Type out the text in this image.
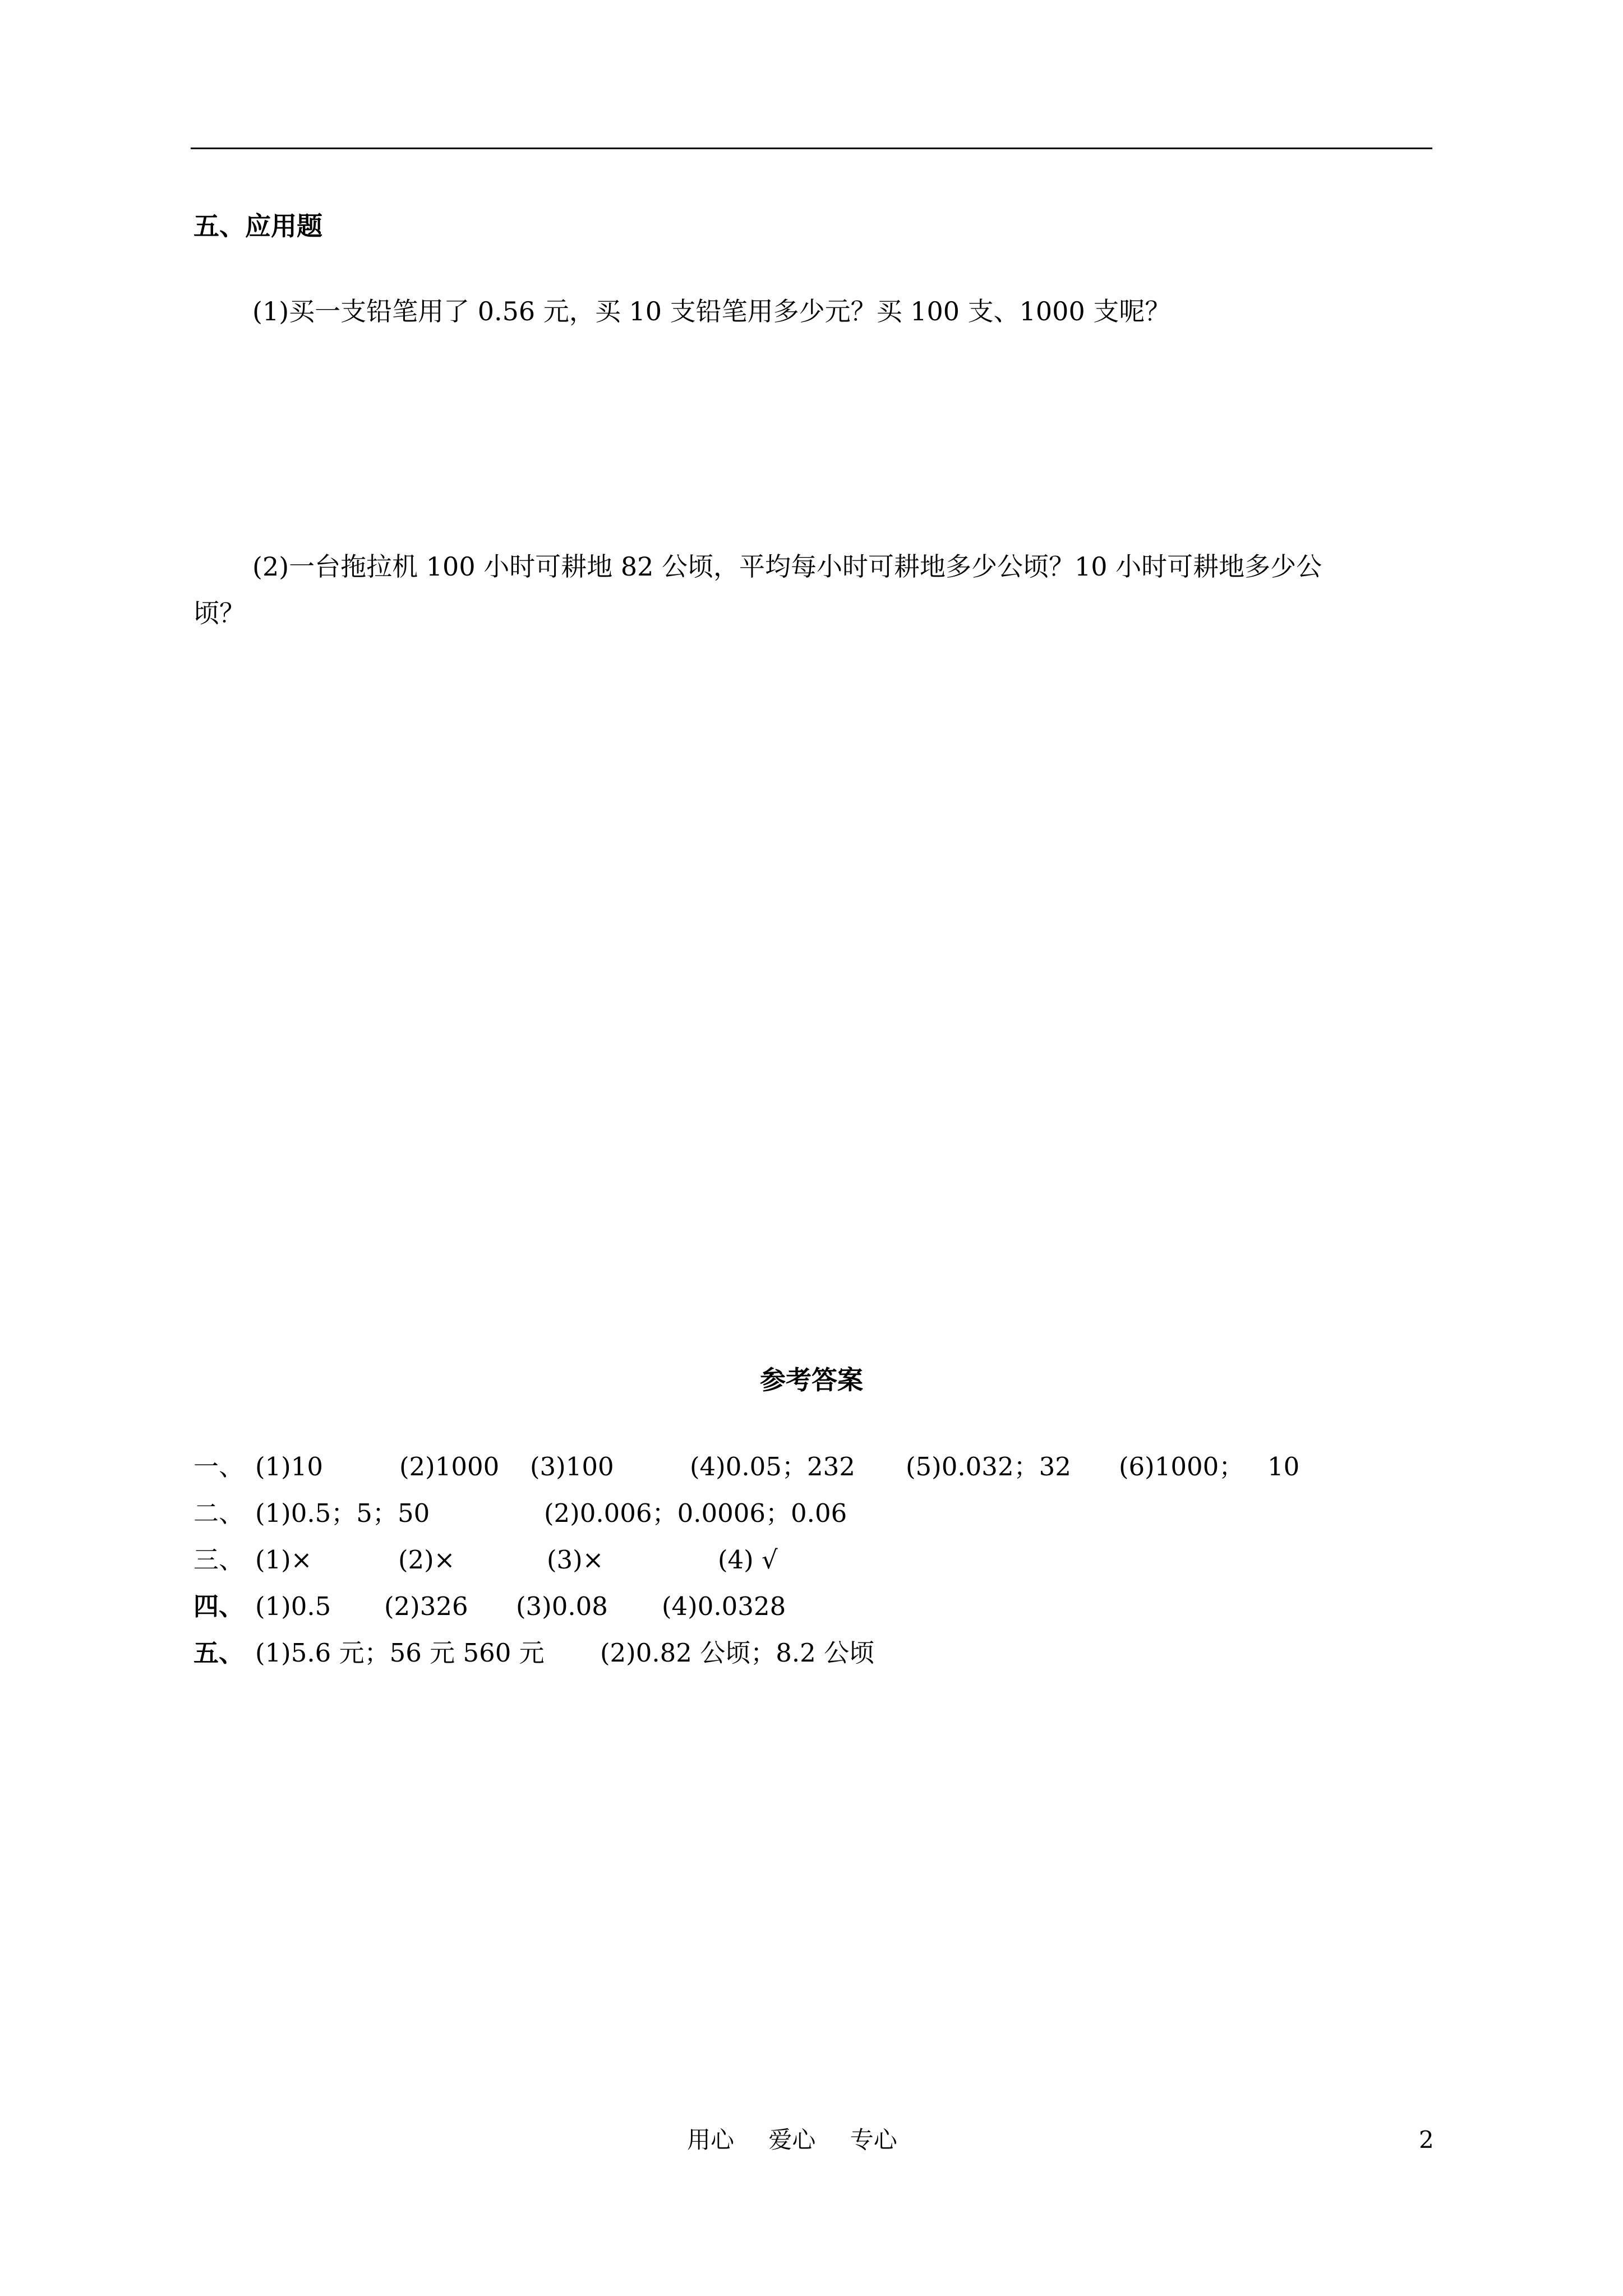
五、应用题
(1)买一支铅笔用了 0.56 元，买 10 支铅笔用多少元？买 100 支、1000 支呢？
(2)一台拖拉机 100 小时可耕地 82 公顷，平均每小时可耕地多少公顷？10 小时可耕地多少公
顷？
参考答案
一、 (1)10	(2)1000 (3)100	(4)0.05；232 (5)0.032；32 (6)1000； 10
二、 (1)0.5；5；50	(2)0.006；0.0006；0.06
三、 (1)×	(2)×	(3)×	(4) √
四、 (1)0.5 (2)326 (3)0.08 (4)0.0328
五、 (1)5.6 元；56 元 560 元 (2)0.82 公顷；8.2 公顷
用心 爱心 专心	2
